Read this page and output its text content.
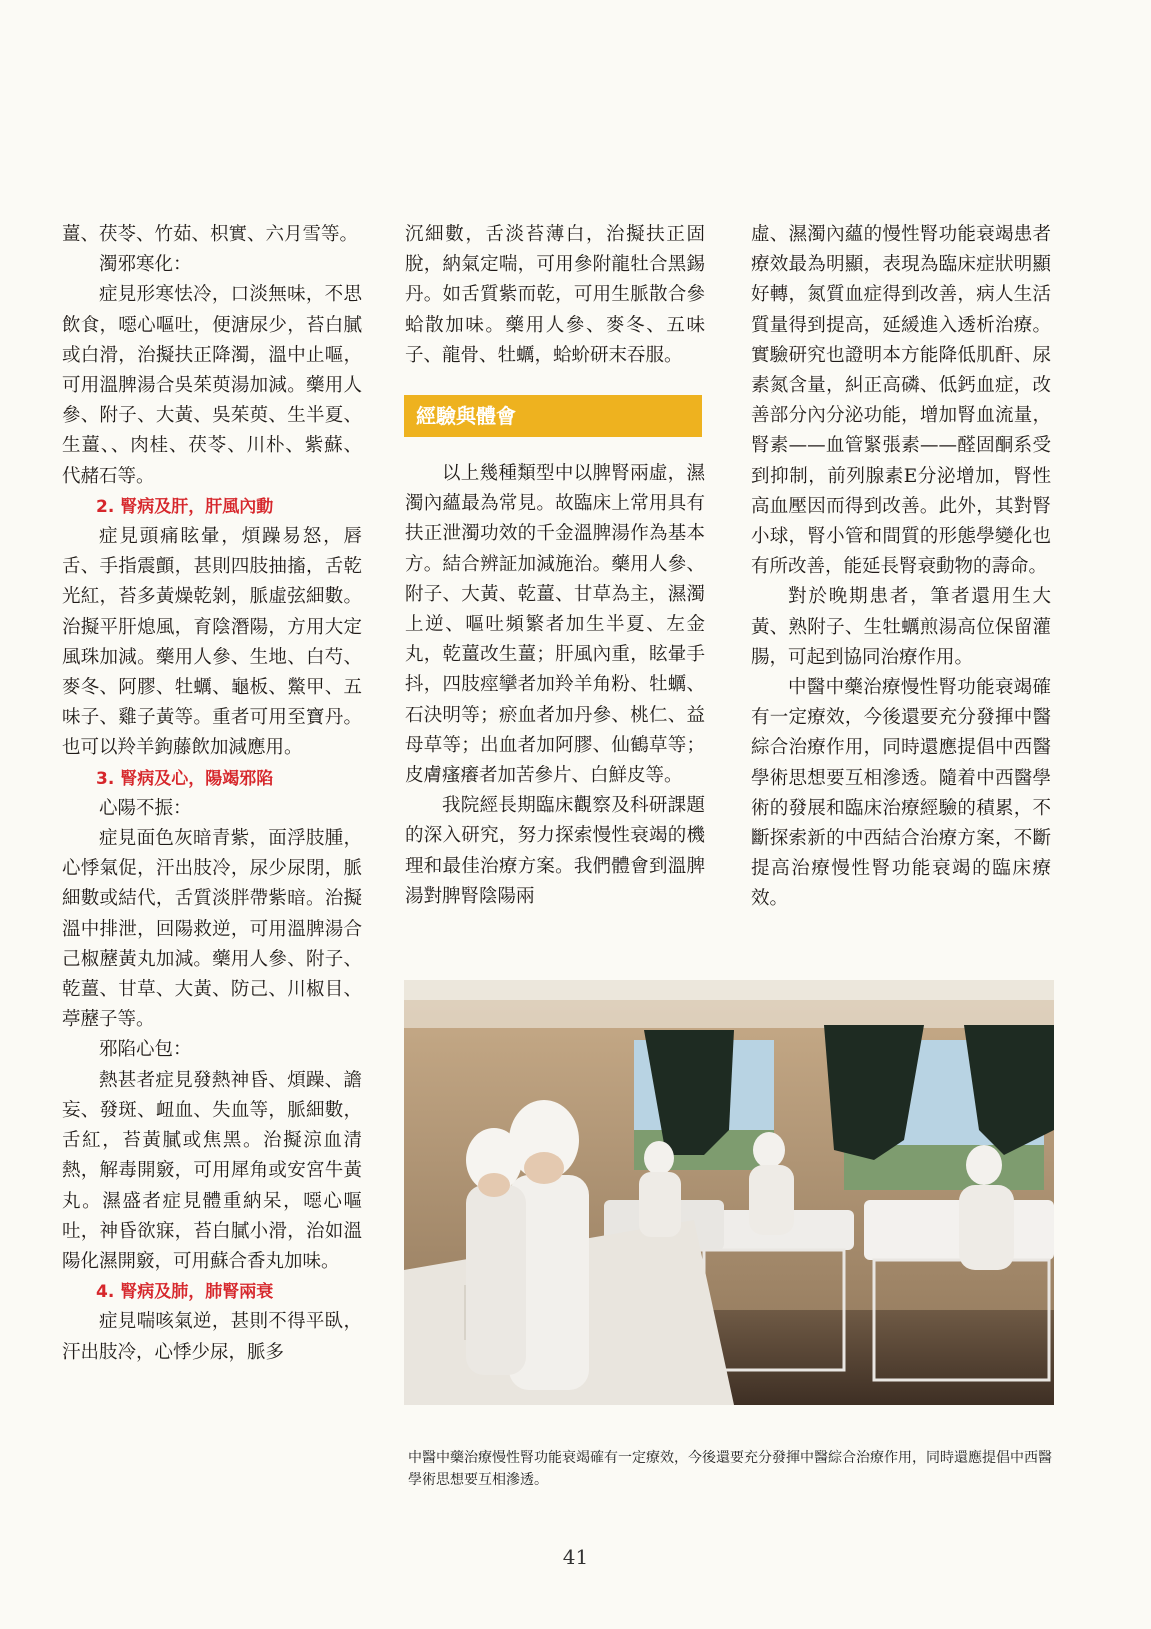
薑、茯苓、竹茹、枳實、六月雪等。

濁邪寒化：

症見形寒怯冷，口淡無味，不思飲食，噁心嘔吐，便溏尿少，苔白膩或白滑，治擬扶正降濁，溫中止嘔，可用溫脾湯合吳茱萸湯加減。藥用人參、附子、大黃、吳茱萸、生半夏、生薑、、肉桂、茯苓、川朴、紫蘇、代赭石等。

2. 腎病及肝，肝風內動

症見頭痛眩暈，煩躁易怒，唇舌、手指震顫，甚則四肢抽搐，舌乾光紅，苔多黃燥乾剝，脈虛弦細數。治擬平肝熄風，育陰潛陽，方用大定風珠加減。藥用人參、生地、白芍、麥冬、阿膠、牡蠣、龜板、鱉甲、五味子、雞子黃等。重者可用至寶丹。也可以羚羊鉤藤飲加減應用。

3. 腎病及心，陽竭邪陷

心陽不振：

症見面色灰暗青紫，面浮肢腫，心悸氣促，汗出肢冷，尿少尿閉，脈細數或結代，舌質淡胖帶紫暗。治擬溫中排泄，回陽救逆，可用溫脾湯合己椒藶黃丸加減。藥用人參、附子、乾薑、甘草、大黃、防己、川椒目、葶藶子等。

邪陷心包：

熱甚者症見發熱神昏、煩躁、譫妄、發斑、衄血、失血等，脈細數，舌紅，苔黃膩或焦黑。治擬涼血清熱，解毒開竅，可用犀角或安宮牛黃丸。濕盛者症見體重納呆，噁心嘔吐，神昏欲寐，苔白膩小滑，治如溫陽化濕開竅，可用蘇合香丸加味。

4. 腎病及肺，肺腎兩衰

症見喘咳氣逆，甚則不得平臥，汗出肢冷，心悸少尿，脈多

沉細數，舌淡苔薄白，治擬扶正固脫，納氣定喘，可用參附龍牡合黑錫丹。如舌質紫而乾，可用生脈散合參蛤散加味。藥用人參、麥冬、五味子、龍骨、牡蠣，蛤蚧研末吞服。

經驗與體會

以上幾種類型中以脾腎兩虛，濕濁內蘊最為常見。故臨床上常用具有扶正泄濁功效的千金溫脾湯作為基本方。結合辨証加減施治。藥用人參、附子、大黃、乾薑、甘草為主，濕濁上逆、嘔吐頻繁者加生半夏、左金丸，乾薑改生薑；肝風內重，眩暈手抖，四肢痙攣者加羚羊角粉、牡蠣、石決明等；瘀血者加丹參、桃仁、益母草等；出血者加阿膠、仙鶴草等；皮膚瘙癢者加苦參片、白鮮皮等。

我院經長期臨床觀察及科研課題的深入研究，努力探索慢性衰竭的機理和最佳治療方案。我們體會到溫脾湯對脾腎陰陽兩

虛、濕濁內蘊的慢性腎功能衰竭患者療效最為明顯，表現為臨床症狀明顯好轉，氮質血症得到改善，病人生活質量得到提高，延緩進入透析治療。實驗研究也證明本方能降低肌酐、尿素氮含量，糾正高磷、低鈣血症，改善部分內分泌功能，增加腎血流量，腎素——血管緊張素——醛固酮系受到抑制，前列腺素E分泌增加，腎性高血壓因而得到改善。此外，其對腎小球，腎小管和間質的形態學變化也有所改善，能延長腎衰動物的壽命。

對於晚期患者，筆者還用生大黃、熟附子、生牡蠣煎湯高位保留灌腸，可起到協同治療作用。

中醫中藥治療慢性腎功能衰竭確有一定療效，今後還要充分發揮中醫綜合治療作用，同時還應提倡中西醫學術思想要互相滲透。隨着中西醫學術的發展和臨床治療經驗的積累，不斷探索新的中西結合治療方案，不斷提高治療慢性腎功能衰竭的臨床療效。

中醫中藥治療慢性腎功能衰竭確有一定療效，今後還要充分發揮中醫綜合治療作用，同時還應提倡中西醫學術思想要互相滲透。
41
